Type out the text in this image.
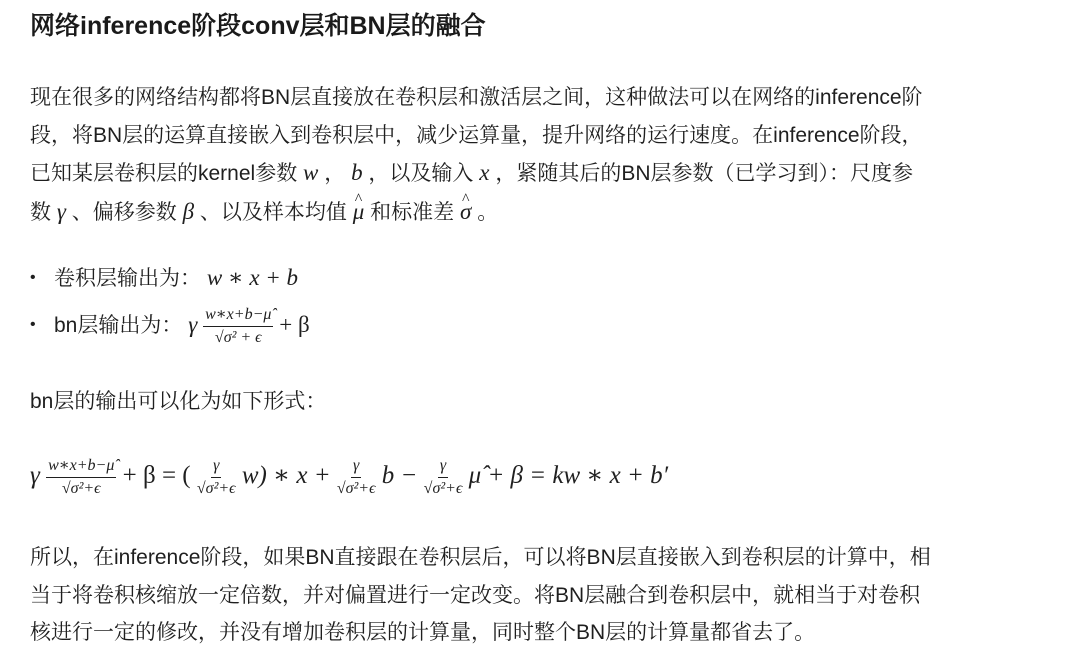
网络inference阶段conv层和BN层的融合

现在很多的网络结构都将BN层直接放在卷积层和激活层之间，这种做法可以在网络的inference阶
段，将BN层的运算直接嵌入到卷积层中，减少运算量，提升网络的运行速度。在inference阶段，
已知某层卷积层的kernel参数 w ， b ，以及输入 x ，紧随其后的BN层参数（已学习到）：尺度参
数 γ 、偏移参数 β 、以及样本均值 ^ μ 和标准差 ^ σ 。

• 卷积层输出为： w ∗ x + b
• bn层输出为： γ $\frac{w∗x+b-\mû}{\text{√σ² + ϵ}} + \beta$

bn层的输出可以化为如下形式：

γ $\frac{w∗x+b-\mû}{\text{√σ²+ϵ}} + \beta$ = ( $\frac{\gamma}{\text{√σ²+ϵ}} w$) ∗ $x + \frac{\gamma}{\text{√σ²+ϵ}}$ $b - \frac{\gamma}{\text{√σ²+ϵ}}$ μ̂ + β = kw ∗ x + b′

所以，在inference阶段，如果BN直接跟在卷积层后，可以将BN层直接嵌入到卷积层的计算中，相
当于将卷积核缩放一定倍数，并对偏置进行一定改变。将BN层融合到卷积层中，就相当于对卷积
核进行一定的修改，并没有增加卷积层的计算量，同时整个BN层的计算量都省去了。
